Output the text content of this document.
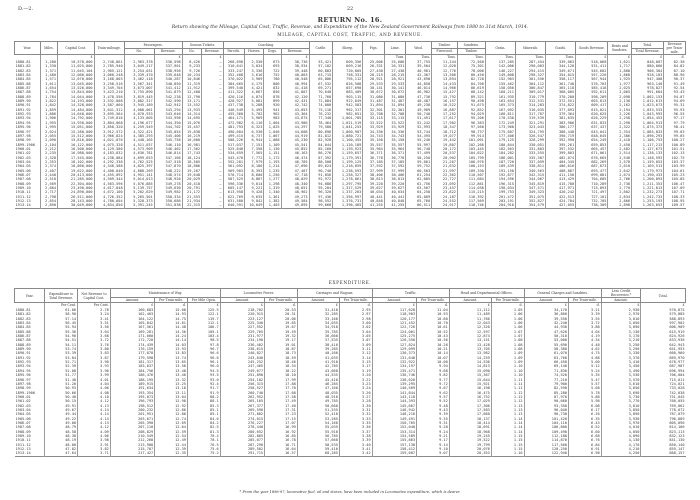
D.—2.	22
RETURN No. 16.
Return showing the Mileage, Capital Cost, Traffic, Revenue, and Expenditure of the New Zealand Government Railways from 1880 to 31st March, 1914.
MILEAGE, CAPITAL COST, TRAFFIC, AND REVENUE.
Year.	Miles.	Capital Cost.	Train-mileage.	Passengers.		Season Tickets.		Coaching.				Cattle.	Sheep.	Pigs.	Lime.	Wool.	Timber.	Sundries.	Grain.	Minerals.	Goods.	Goods Revenue.	Rents and Sundries.	Total.	Revenue per Train-mile.
				No.	Revenue.	No.	Revenue.	Parcels.	Horses.	Dogs.	Revenue.						Firewood.	Timber.						Total Revenue.	
		£			£		£				£				Tons.	Tons.	Tons.	Tons.	Tons.	Tons.	Tons.	£	£	£	d.
1880-81	1,280	10,578,000	2,748,861	2,963,378	336,598	8,426	—	268,698	2,530	673	38,736	53,421	609,356	25,606	25,606	37,755	11,244	72,560	137,285	287,454	339,063	518,068	1,621	848,007	82.38
1881-82	1,330	11,025,000	2,785,940	3,049,217	337,901	9,233	—	310,641	3,034	693	38,934	57,102	669,216	26,331	26,331	39,504	12,020	75,301	142,006	290,003	344,120	531,411	1,717	880,066	84.82
1882-83	1,371	11,645,104	2,965,121	3,254,031	338,956	9,726	—	333,247	3,336	722	39,448	60,883	720,005	27,430	27,430	40,981	12,776	78,006	146,227	294,415	349,671	545,602	1,808	906,384	87.10
1883-84	1,480	12,060,000	3,060,248	3,339,470	339,648	10,234	—	352,408	3,616	752	40,003	63,715	758,331	28,215	28,215	42,307	13,306	80,450	149,808	298,327	354,015	557,226	1,868	928,103	88.96
1884-85	1,571	12,670,000	3,168,003	3,462,118	340,287	10,846	—	370,022	3,909	780	40,548	65,806	795,112	28,921	28,921	43,698	13,894	82,728	152,903	301,556	358,117	567,944	1,925	947,408	90.37
1885-86	1,611	13,045,000	3,258,516	3,567,341	340,850	11,319	—	384,665	4,175	806	40,994	67,532	826,508	29,533	29,533	44,858	14,433	84,706	155,462	304,112	361,748	576,703	1,977	963,140	91.49
1886-87	1,654	13,526,000	3,349,704	3,673,007	341,412	11,912	—	399,540	4,421	832	41,418	69,271	857,690	30,141	30,141	46,014	14,966	86,619	158,050	306,847	365,118	585,418	2,025	978,827	92.54
1887-88	1,754	13,844,000	3,423,210	3,755,890	341,879	12,408	—	411,322	4,667	856	41,807	70,648	883,409	30,672	30,672	46,982	15,427	88,142	160,211	309,017	368,005	592,611	2,065	991,684	93.43
1888-89	1,784	14,044,000	3,478,556	3,819,445	342,238	12,790	—	420,116	4,874	878	42,120	71,768	903,115	31,080	31,080	47,736	15,792	89,321	161,935	310,779	370,280	598,209	2,098	1,002,153	94.07
1889-90	1,822	14,193,000	3,532,808	3,882,317	342,590	13,171	—	428,927	5,081	899	42,431	72,884	922,849	31,487	31,487	48,487	16,157	90,498	163,654	312,531	372,551	603,813	2,130	1,012,613	94.69
1890-91	1,842	14,328,000	3,587,060	3,945,189	342,942	13,552	—	437,738	5,288	920	42,742	74,000	942,583	31,894	31,894	49,238	16,522	91,675	165,373	314,283	374,822	609,417	2,162	1,023,073	95.31
1891-92	1,859	14,484,000	3,641,312	4,008,061	343,294	13,933	—	446,549	5,495	941	43,053	75,116	962,317	32,301	32,301	49,989	16,887	92,852	167,092	316,035	377,093	615,021	2,194	1,033,533	95.93
1892-93	1,886	14,640,000	3,695,564	4,070,933	343,646	14,314	—	455,360	5,702	962	43,364	76,232	982,051	32,708	32,708	50,740	17,252	94,029	168,811	317,787	379,364	620,625	2,226	1,043,993	96.55
1893-94	1,906	14,792,000	3,749,816	4,133,805	343,998	14,695	—	464,171	5,909	983	43,675	77,348	1,001,785	33,115	33,115	51,491	17,617	95,206	170,530	319,539	381,635	626,229	2,258	1,054,453	97.17
1894-95	1,955	14,930,000	3,804,068	4,196,677	344,350	15,076	—	472,982	6,116	1,004	43,986	78,464	1,021,519	33,522	33,522	52,242	17,982	96,383	172,249	321,291	383,906	631,833	2,290	1,064,913	97.79
1895-96	1,995	15,051,000	3,858,320	4,259,549	344,702	15,457	—	481,793	6,323	1,025	44,297	79,580	1,041,253	33,929	33,929	52,993	18,347	97,560	173,968	323,043	386,177	637,437	2,322	1,075,373	98.41
1896-97	2,024	15,280,000	3,912,572	4,322,421	345,054	15,838	—	490,604	6,530	1,046	44,608	80,696	1,060,987	34,336	34,336	53,744	18,712	98,737	175,687	324,795	388,448	643,041	2,354	1,085,833	99.03
1897-98	2,055	15,512,000	3,966,824	4,385,293	345,406	16,219	—	499,415	6,737	1,067	44,919	81,812	1,080,721	34,743	34,743	54,495	19,077	99,914	177,406	326,547	390,719	648,645	2,386	1,096,293	99.65
1898-99	2,090	15,816,000	4,021,076	4,448,165	345,758	16,600	—	508,226	6,944	1,088	45,230	82,928	1,100,455	35,150	35,150	55,246	19,442	101,091	179,125	328,299	392,990	654,249	2,418	1,106,753	100.27
1899-1900	2,104	16,122,000	4,075,328	4,511,037	346,110	16,981	—	517,037	7,151	1,109	45,541	84,044	1,120,189	35,557	35,557	55,997	19,807	102,268	180,844	330,051	395,261	659,853	2,450	1,117,213	100.89
1900-01	2,212	16,500,000	4,129,580	4,573,909	346,462	17,362	—	525,848	7,358	1,130	45,852	85,160	1,139,923	35,964	35,964	56,748	20,172	103,445	182,563	331,803	397,532	665,457	2,482	1,127,673	101.51
1901-02	2,235	16,988,000	4,183,832	4,636,781	346,814	17,743	—	534,659	7,565	1,151	46,163	86,276	1,159,657	36,371	36,371	57,499	20,537	104,622	184,282	333,555	399,803	671,061	2,514	1,138,133	102.13
1902-03	2,328	17,545,000	4,238,084	4,699,653	347,166	18,124	—	543,470	7,772	1,172	46,474	87,392	1,179,391	36,778	36,778	58,250	20,902	105,799	186,001	335,307	402,074	676,665	2,546	1,148,593	102.75
1903-04	2,353	18,102,000	4,292,336	4,762,525	347,518	18,505	—	552,281	7,979	1,193	46,785	88,508	1,199,125	37,185	37,185	59,001	21,267	106,976	187,720	337,059	404,345	682,269	2,578	1,159,053	103.37
1904-05	2,374	18,860,000	4,346,588	4,825,397	347,870	18,886	—	561,092	8,186	1,214	47,096	89,624	1,218,859	37,592	37,592	59,752	21,632	108,153	189,439	338,811	406,616	687,873	2,610	1,169,513	103.99
1905-06	2,407	19,622,000	4,400,840	4,888,269	348,222	19,267	—	569,903	8,393	1,235	47,407	90,740	1,238,593	37,999	37,999	60,503	21,997	109,330	191,158	340,563	408,887	693,477	2,642	1,179,973	104.61
1906-07	2,440	20,413,000	4,455,092	4,951,141	348,574	19,648	—	578,714	8,600	1,256	47,718	91,856	1,258,327	38,406	38,406	61,254	22,362	110,507	192,877	342,315	411,158	699,081	2,674	1,190,433	105.23
1907-08	2,510	21,285,000	4,509,344	5,014,013	348,926	20,029	—	587,525	8,807	1,277	48,029	92,972	1,278,061	38,813	38,813	62,005	22,727	111,684	194,596	344,067	413,429	704,685	2,706	1,200,893	105.85
1908-09	2,569	22,304,000	4,563,596	5,076,885	349,278	20,410	—	596,336	9,014	1,298	48,340	94,088	1,297,795	39,220	39,220	62,756	23,092	112,861	196,315	345,819	415,700	710,289	2,738	1,211,353	106.47
1909-10	2,684	23,490,000	4,617,848	5,139,757	349,630	20,791	—	605,147	9,221	1,319	48,651	95,204	1,317,529	39,627	39,627	63,507	23,457	114,038	198,034	347,571	417,971	715,893	2,770	1,221,813	107.09
1910-11	2,717	24,890,000	4,672,100	5,202,629	349,982	21,172	—	613,958	9,428	1,340	48,962	96,320	1,337,263	40,034	40,034	64,258	23,822	115,215	199,753	349,323	420,242	721,497	2,802	1,232,273	107.71
1911-12	2,798	26,511,000	4,726,352	5,265,501	350,334	21,553	—	622,769	9,635	1,361	49,273	97,436	1,356,997	40,441	40,441	65,009	24,187	116,392	201,472	351,075	422,513	727,101	2,834	1,242,733	108.33
1912-13	2,854	28,143,000	4,780,604	5,328,373	350,686	21,934	—	631,580	9,842	1,382	49,584	98,552	1,376,731	40,848	40,848	65,760	24,552	117,569	203,191	352,827	424,784	732,705	2,866	1,253,193	108.95
1913-14	2,890	30,049,000	4,834,856	5,391,245	351,038	22,315	—	640,391	10,049	1,403	49,895	99,668	1,396,465	41,255	41,255	66,511	24,917	118,746	204,910	354,579	427,055	738,309	2,898	1,263,653	109.57
EXPENDITURE.
Year.	Expenditure to Total Revenue.	Net Revenue to Capital Cost.	Maintenance of Way.			Locomotive Power.		Carriages and Wagons.		Traffic.		Head and Departmental Offices.		General Charges and Sundries.		Less Credit Recoveries.*	Total.
			Amount.	Per Train-mile.	Per Mile Open.	Amount.	Per Train-mile.	Amount.	Per Train-mile.	Amount.	Per Train-mile.	Amount.	Per Train-mile.	Amount.	Per Train-mile.	Amount.	
	Per Cent.	Per Cent.	£	d.	£	£	d.	£	d.	£	d.	£	d.	£	d.	£	£
1880-81	61.06	2.78	160,683	15.08	125.5	218,702	20.53	31,410	2.95	117,628	11.04	11,212	1.05	34,170	3.21	2,930	570,875
1881-82	58.90	3.24	162,403	14.93	122.1	220,915	20.31	32,285	2.97	118,903	10.93	11,489	1.06	36,860	3.39	2,970	579,885
1882-83	57.14	3.41	164,122	14.75	119.7	223,127	20.06	33,160	2.98	120,177	10.80	11,766	1.06	39,550	3.55	3,010	588,893
1883-84	56.45	3.51	165,842	14.61	112.1	225,340	19.85	34,035	3.00	121,452	10.70	12,043	1.06	42,240	3.72	3,050	597,902
1884-85	55.94	3.56	167,561	14.48	106.7	227,552	19.67	34,910	3.02	122,726	10.61	12,320	1.06	44,930	3.88	3,090	606,909
1885-86	55.36	3.64	169,281	14.36	105.1	229,765	19.49	35,785	3.04	124,001	10.52	12,597	1.07	47,620	4.04	3,130	615,919
1886-87	54.90	3.68	171,000	14.24	103.4	231,977	19.32	36,660	3.05	125,275	10.43	12,874	1.07	50,310	4.19	3,170	624,926
1887-88	54.51	3.72	172,720	14.14	98.5	234,190	19.17	37,535	3.07	126,550	10.36	13,151	1.08	53,000	4.34	3,210	633,936
1888-89	54.11	3.76	174,439	14.03	97.8	236,402	19.01	38,410	3.09	127,824	10.28	13,428	1.08	55,690	4.48	3,250	642,943
1889-90	53.74	3.80	176,159	13.93	96.7	238,615	18.87	39,285	3.11	129,099	10.21	13,705	1.08	58,380	4.62	3,290	651,953
1890-91	53.39	3.83	177,878	13.83	96.6	240,827	18.73	40,160	3.12	130,373	10.14	13,982	1.09	61,070	4.75	3,330	660,960
1891-92	53.04	3.87	179,598	13.74	96.6	243,040	18.59	41,035	3.14	131,648	10.07	14,259	1.09	63,760	4.88	3,370	669,970
1892-93	52.71	3.90	181,317	13.65	96.1	245,252	18.46	41,910	3.15	132,922	10.00	14,536	1.09	66,450	5.00	3,410	678,977
1893-94	52.39	3.93	183,037	13.56	96.0	247,465	18.34	42,785	3.17	134,197	9.94	14,813	1.10	69,140	5.12	3,450	687,987
1894-95	52.08	3.96	184,756	13.48	94.5	249,677	18.22	43,660	3.19	135,471	9.88	15,090	1.10	71,830	5.24	3,490	696,994
1895-96	51.77	3.99	186,476	13.40	93.5	251,890	18.10	44,535	3.20	136,746	9.82	15,367	1.10	74,520	5.35	3,530	706,004
1896-97	51.48	4.01	188,195	13.32	93.0	254,102	17.99	45,410	3.22	138,020	9.77	15,644	1.11	77,210	5.47	3,570	715,011
1897-98	51.20	4.04	189,915	13.25	92.4	256,315	17.88	46,285	3.23	139,295	9.72	15,921	1.11	79,900	5.57	3,610	724,021
1898-99	50.93	4.06	191,634	13.18	91.7	258,527	17.78	47,160	3.24	140,569	9.67	16,198	1.11	82,590	5.68	3,650	733,028
1899-1900	50.66	4.08	193,354	13.11	91.9	260,740	17.68	48,035	3.26	141,844	9.62	16,475	1.12	85,280	5.78	3,690	742,038
1900-01	50.40	4.10	195,073	13.04	88.2	262,952	17.58	48,910	3.27	143,118	9.57	16,752	1.12	87,970	5.88	3,730	751,045
1901-02	50.15	4.12	196,793	12.98	88.1	265,165	17.49	49,785	3.28	144,393	9.52	17,029	1.12	90,660	5.98	3,770	760,055
1902-03	49.91	4.13	198,512	12.92	85.3	267,377	17.40	50,660	3.30	145,667	9.48	17,306	1.13	93,350	6.08	3,810	769,062
1903-04	49.67	4.14	200,232	12.86	85.1	269,590	17.31	51,535	3.31	146,942	9.43	17,583	1.13	96,040	6.17	3,850	778,072
1904-05	49.44	4.14	201,951	12.80	85.1	271,802	17.23	52,410	3.32	148,216	9.39	17,860	1.13	98,730	6.26	3,890	787,079
1905-06	49.22	4.14	203,671	12.74	84.6	274,015	17.15	53,285	3.33	149,491	9.35	18,137	1.14	101,420	6.35	3,930	796,089
1906-07	49.00	4.13	205,390	12.69	84.2	276,227	17.07	54,160	3.35	150,765	9.31	18,414	1.14	104,110	6.43	3,970	805,096
1907-08	48.79	4.12	207,110	12.64	82.5	278,440	16.99	55,035	3.36	152,040	9.28	18,691	1.14	106,800	6.52	4,010	814,106
1908-09	48.58	4.09	208,829	12.59	81.3	280,652	16.92	55,910	3.37	153,314	9.24	18,968	1.14	109,490	6.60	4,050	823,113
1909-10	48.38	4.06	210,549	12.54	78.4	282,865	16.85	56,785	3.38	154,589	9.21	19,245	1.15	112,180	6.68	4,090	832,123
1910-11	48.19	3.98	212,268	12.49	78.1	285,077	16.78	57,660	3.39	155,863	9.17	19,522	1.15	114,870	6.76	4,130	841,130
1911-12	48.00	3.91	213,988	12.44	76.5	287,290	16.71	58,535	3.40	157,138	9.14	19,799	1.15	117,560	6.84	4,170	850,140
1912-13	47.82	3.82	215,707	12.39	75.6	289,502	16.64	59,410	3.41	158,412	9.10	20,076	1.15	120,250	6.91	4,210	859,147
1913-14	47.64	3.71	217,427	12.35	75.2	291,715	16.57	60,285	3.42	159,687	9.07	20,353	1.16	122,940	6.98	4,250	868,157
* From the year 1896-97, locomotive fuel, oil and stores, have been included in Locomotive expenditure, which is dearer.
